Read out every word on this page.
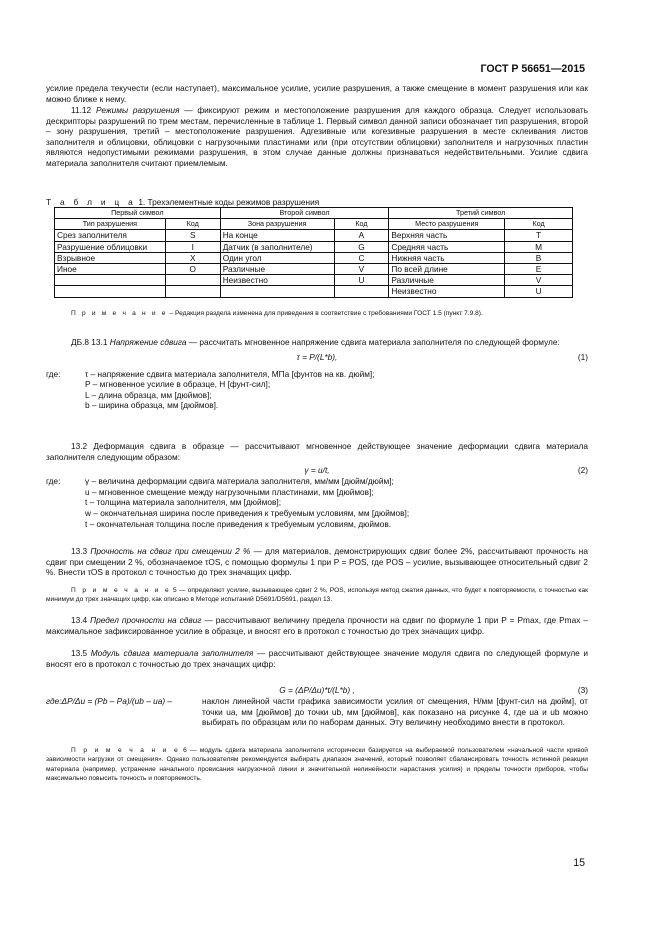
ГОСТ Р 56651—2015

усилие предела текучести (если наступает), максимальное усилие, усилие разрушения, а также смещение в момент разрушения или как можно ближе к нему.

11.12 Режимы разрушения — фиксируют режим и местоположение разрушения для каждого образца. Следует использовать дескрипторы разрушений по трем местам, перечисленные в таблице 1. Первый символ данной записи обозначает тип разрушения, второй – зону разрушения, третий – местоположение разрушения. Адгезивные или когезивные разрушения в месте склеивания листов заполнителя и облицовки, облицовки с нагрузочными пластинами или (при отсутствии облицовки) заполнителя и нагрузочных пластин являются недопустимыми режимами разрушения, в этом случае данные должны признаваться недействительными. Усилие сдвига материала заполнителя считают приемлемым.

Т а б л и ц а 1. Трехэлементные коды режимов разрушения

Первый символ		Второй символ		Третий символ	
Тип разрушения	Код	Зона разрушения	Код	Место разрушения	Код
Срез заполнителя	S	На конце	A	Верхняя часть	T
Разрушение облицовки	I	Датчик (в заполнителе)	G	Средняя часть	M
Взрывное	X	Один угол	C	Нижняя часть	B
Иное	O	Различные	V	По всей длине	E
		Неизвестно	U	Различные	V
				Неизвестно	U

П р и м е ч а н и е – Редакция раздела изменена для приведения в соответствие с требованиями ГОСТ 1.5 (пункт 7.9.8).

ДБ.8 13.1 Напряжение сдвига — рассчитать мгновенное напряжение сдвига материала заполнителя по следующей формуле:

τ = P/(L*b),	(1)
где:	τ – напряжение сдвига материала заполнителя, МПа [фунтов на кв. дюйм];
P – мгновенное усилие в образце, Н [фунт-сил];
L – длина образца, мм [дюймов];
b – ширина образца, мм [дюймов].

13.2 Деформация сдвига в образце — рассчитывают мгновенное действующее значение деформации сдвига материала заполнителя следующим образом:

γ = u/t,	(2)
где:	γ – величина деформации сдвига материала заполнителя, мм/мм [дюйм/дюйм];
u – мгновенное смещение между нагрузочными пластинами, мм [дюймов];
t – толщина материала заполнителя, мм [дюймов];
w – окончательная ширина после приведения к требуемым условиям, мм [дюймов];
t – окончательная толщина после приведения к требуемым условиям, дюймов.

13.3 Прочность на сдвиг при смещении 2 % — для материалов, демонстрирующих сдвиг более 2%, рассчитывают прочность на сдвиг при смещении 2 %, обозначаемое τOS, с помощью формулы 1 при P = POS, где POS – усилие, вызывающее относительный сдвиг 2 %. Внести τOS в протокол с точностью до трех значащих цифр.

П р и м е ч а н и е 5 — определяют усилие, вызывающее сдвиг 2 %, POS, используя метод сжатия данных, что будет к повторяемости, с точностью как минимум до трех значащих цифр, как описано в Методе испытаний D5691/D5691, раздел 13.

13.4 Предел прочности на сдвиг — рассчитывают величину предела прочности на сдвиг по формуле 1 при P = Pmax, где Pmax – максимальное зафиксированное усилие в образце, и вносят его в протокол с точностью до трех значащих цифр.

13.5 Модуль сдвига материала заполнителя — рассчитывают действующее значение модуля сдвига по следующей формуле и вносят его в протокол с точностью до трех значащих цифр:

G = (ΔP/Δu)*t/(L*b) ,	(3)
где:ΔP/Δu = (Pb – Pa)/(ub – ua) –	наклон линейной части графика зависимости усилия от смещения, Н/мм [фунт-сил на дюйм], от точки ua, мм [дюймов] до точки ub, мм [дюймов], как показано на рисунке 4, где ua и ub можно выбирать по образцам или по наборам данных. Эту величину необходимо внести в протокол.

П р и м е ч а н и е 6 — модуль сдвига материала заполнителя исторически базируется на выбираемой пользователем «начальной части кривой зависимости нагрузки от смещения». Однако пользователям рекомендуется выбирать диапазон значений, который позволяет сбалансировать точность истинной реакции материала (например, устранение начального провисания нагрузочной линии и значительной нелинейности нарастания усилия) и пределы точности приборов, чтобы максимально повысить точность и повторяемость.

15
